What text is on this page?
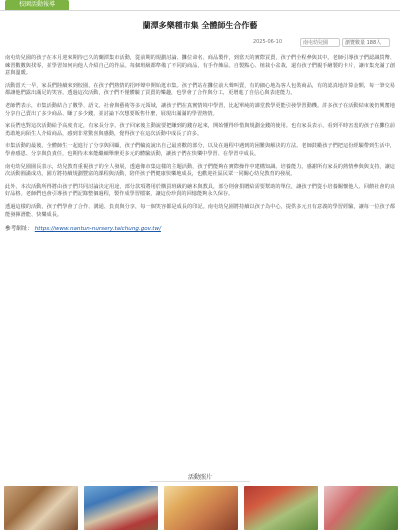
校園活動報導
蘭潭多樂種市集 全體師生合作藝
2025-06-10	南屯幼兒園	瀏覽數量 188人

南屯幼兒園的孩子在本月迎來期待已久的蘭潭集市活動，從前期的規劃討論、攤位命名、商品製作，到當天的實際買賣，孩子們全程參與其中。老師引導孩子們認識貨幣、練習數數與找零，並學習如何向他人介紹自己的作品。每個班級都準備了不同的商品，有手作飾品、自製點心、植栽小盆栽，還有孩子們親手繪製的卡片，讓市集充滿了創意與溫暖。

活動當天一早，家長們陸續來到校園，在孩子們熱情的招呼聲中開始逛市集。孩子們站在攤位前大聲叫賣，有的細心地為客人包裝商品，有的認真地計算金額，每一筆交易都讓他們露出滿足的笑容。透過這次活動，孩子們不僅體驗了買賣的樂趣，也學會了合作與分工，更增進了自信心與表達能力。

老師們表示，市集活動結合了數學、語文、社會與藝術等多元領域，讓孩子們在真實情境中學習，比起單純的課堂教學更能引發學習動機。許多孩子在活動結束後仍興奮地分享自己賣出了多少商品、賺了多少錢，並討論下次想要販售什麼，展現出滿滿的學習熱情。

家長們也對這次活動給予高度肯定，有家長分享，孩子回家後主動說要把賺到的錢存起來，開始懂得珍惜與規劃金錢的使用。也有家長表示，看到平時害羞的孩子在攤位前勇敢地向陌生人介紹商品，感到非常驚喜與感動，覺得孩子在這次活動中成長了許多。

市集活動的最後，全體師生一起進行了分享與回顧，孩子們輪流說出自己最喜歡的部分，以及在過程中遇到的困難與解決的方法。老師鼓勵孩子們把這份經驗帶到生活中，學會感恩、分享與負責任，也期待未來能繼續舉辦更多元的體驗活動，讓孩子們在快樂中學習、在學習中成長。

南屯幼兒園園長表示，幼兒教育重視孩子的全人發展，透過像市集這樣的主題活動，孩子們能夠在實際操作中建構知識、培養能力。感謝所有家長的熱情參與與支持，讓這次活動圓滿成功。園方將持續規劃豐富的課程與活動，陪伴孩子們健康快樂地成長，也歡迎社區民眾一同關心幼兒教育的發展。

此外，本次活動所得將由孩子們共同討論決定用途，部分款項將用於購買班級的繪本與教具，部分則會捐贈給需要幫助的單位，讓孩子們從小培養關懷他人、回饋社會的良好品格。老師們也會引導孩子們記錄整個過程，製作成學習檔案，讓這份珍貴的回憶能夠永久保存。

透過這樣的活動，孩子們學會了合作、溝通、負責與分享，每一個笑容都是成長的印記。南屯幼兒園將持續以孩子為中心，提供多元且有意義的學習經驗，讓每一位孩子都能發揮潛能、快樂成長。

參考網址： https://www.nantun-nursery.taichung.gov.tw/
活動照片
